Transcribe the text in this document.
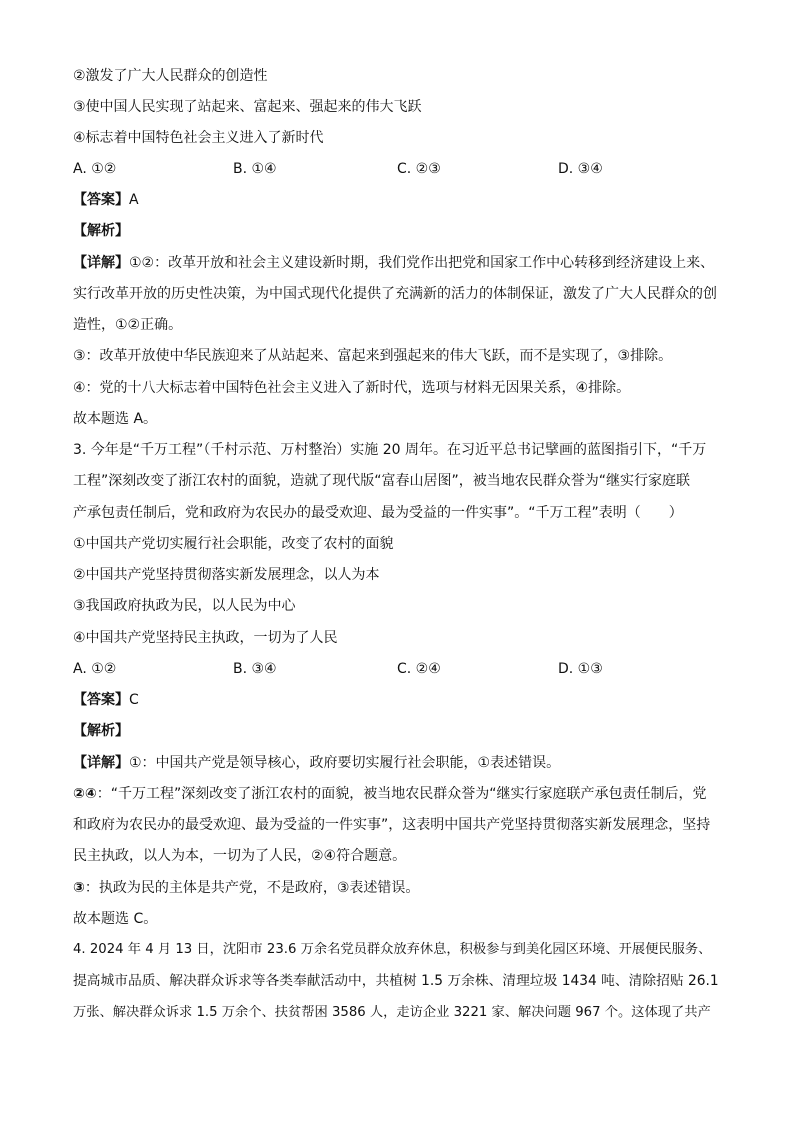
②激发了广大人民群众的创造性
③使中国人民实现了站起来、富起来、强起来的伟大飞跃
④标志着中国特色社会主义进入了新时代
A. ①②	B. ①④	C. ②③	D. ③④
【答案】A
【解析】
【详解】①②：改革开放和社会主义建设新时期，我们党作出把党和国家工作中心转移到经济建设上来、
实行改革开放的历史性决策，为中国式现代化提供了充满新的活力的体制保证，激发了广大人民群众的创
造性，①②正确。
③：改革开放使中华民族迎来了从站起来、富起来到强起来的伟大飞跃，而不是实现了，③排除。
④：党的十八大标志着中国特色社会主义进入了新时代，选项与材料无因果关系，④排除。
故本题选 A。
3. 今年是“千万工程”（千村示范、万村整治）实施 20 周年。在习近平总书记擘画的蓝图指引下，“千万
工程”深刻改变了浙江农村的面貌，造就了现代版“富春山居图”，被当地农民群众誉为“继实行家庭联
产承包责任制后，党和政府为农民办的最受欢迎、最为受益的一件实事”。“千万工程”表明（　　）
①中国共产党切实履行社会职能，改变了农村的面貌
②中国共产党坚持贯彻落实新发展理念，以人为本
③我国政府执政为民，以人民为中心
④中国共产党坚持民主执政，一切为了人民
A. ①②	B. ③④	C. ②④	D. ①③
【答案】C
【解析】
【详解】①：中国共产党是领导核心，政府要切实履行社会职能，①表述错误。
②④：“千万工程”深刻改变了浙江农村的面貌，被当地农民群众誉为“继实行家庭联产承包责任制后，党
和政府为农民办的最受欢迎、最为受益的一件实事”，这表明中国共产党坚持贯彻落实新发展理念，坚持
民主执政，以人为本，一切为了人民，②④符合题意。
③：执政为民的主体是共产党，不是政府，③表述错误。
故本题选 C。
4. 2024 年 4 月 13 日，沈阳市 23.6 万余名党员群众放弃休息，积极参与到美化园区环境、开展便民服务、
提高城市品质、解决群众诉求等各类奉献活动中，共植树 1.5 万余株、清理垃圾 1434 吨、清除招贴 26.1
万张、解决群众诉求 1.5 万余个、扶贫帮困 3586 人，走访企业 3221 家、解决问题 967 个。这体现了共产
